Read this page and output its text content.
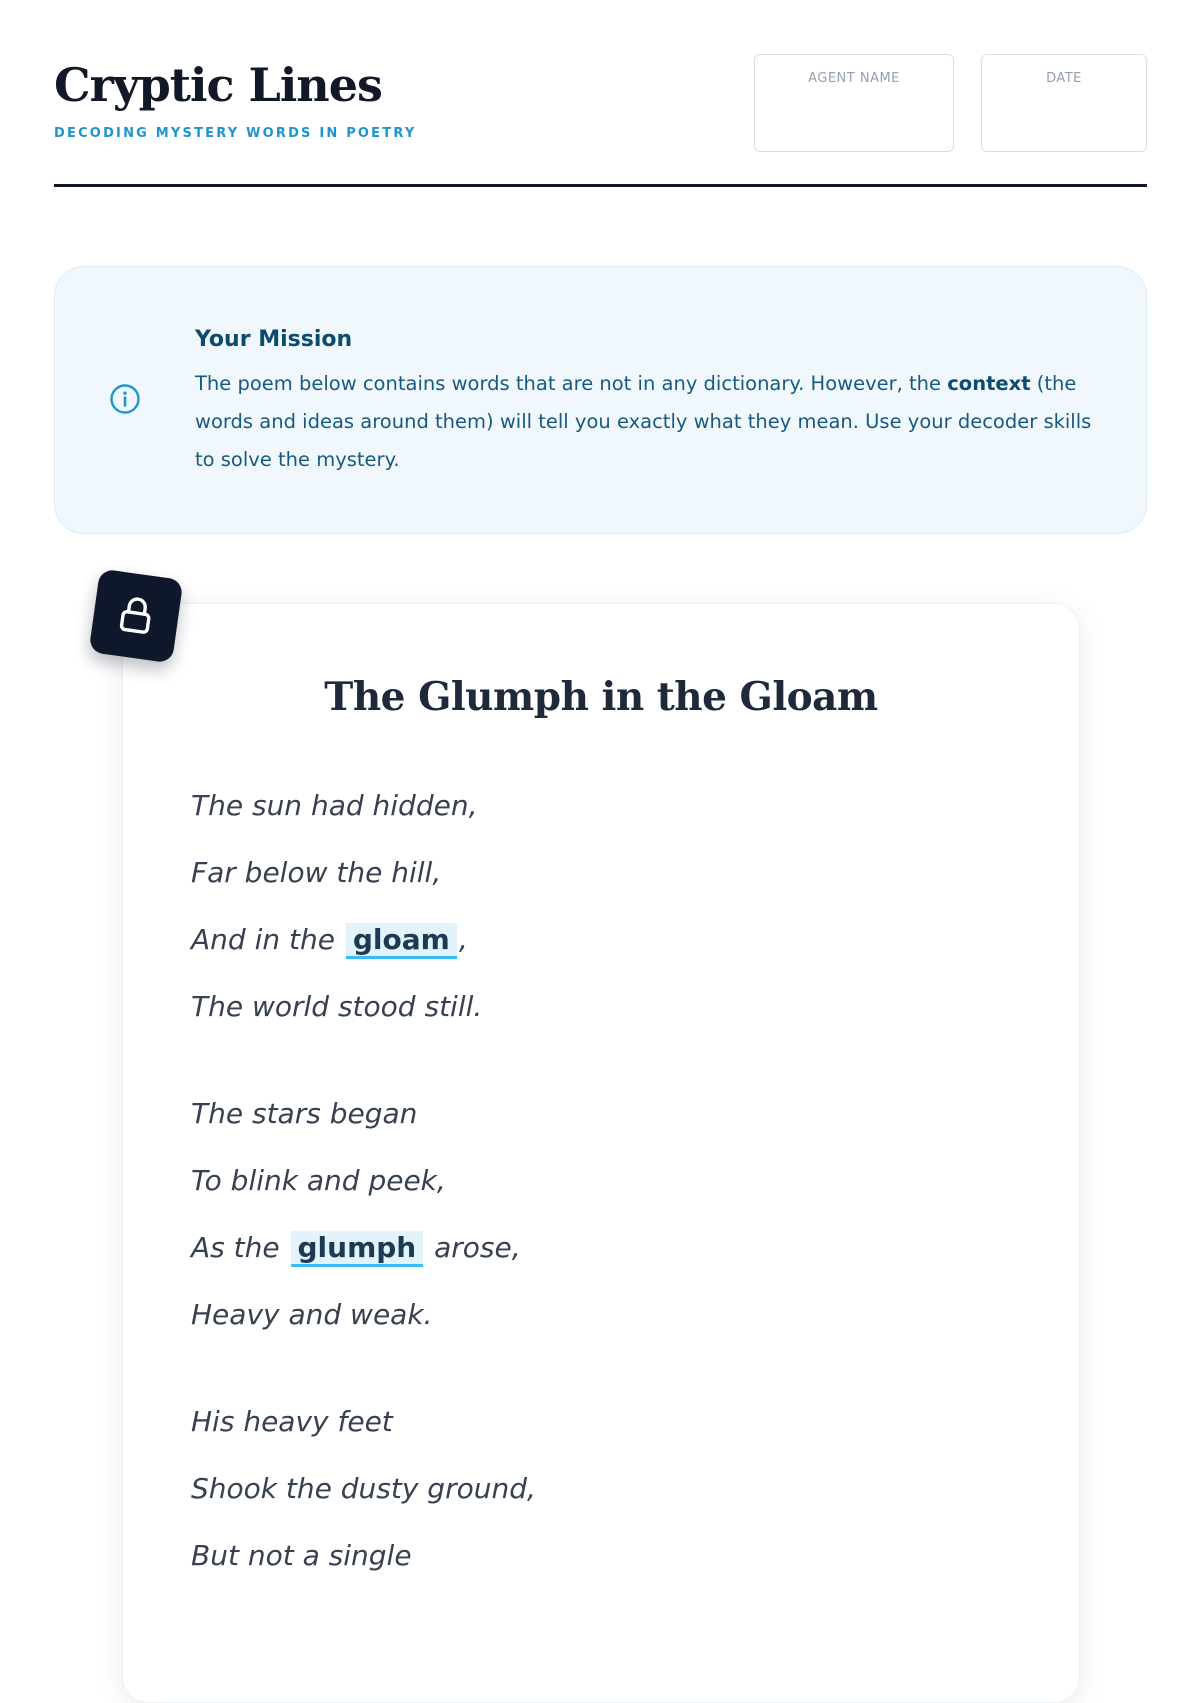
Cryptic Lines
DECODING MYSTERY WORDS IN POETRY
AGENT NAME	DATE
Your Mission
The poem below contains words that are not in any dictionary. However, the context (the words and ideas around them) will tell you exactly what they mean. Use your decoder skills to solve the mystery.
The Glumph in the Gloam
The sun had hidden,
Far below the hill,
And in the gloam ,
The world stood still.
The stars began
To blink and peek,
As the glumph arose,
Heavy and weak.
His heavy feet
Shook the dusty ground,
But not a single
